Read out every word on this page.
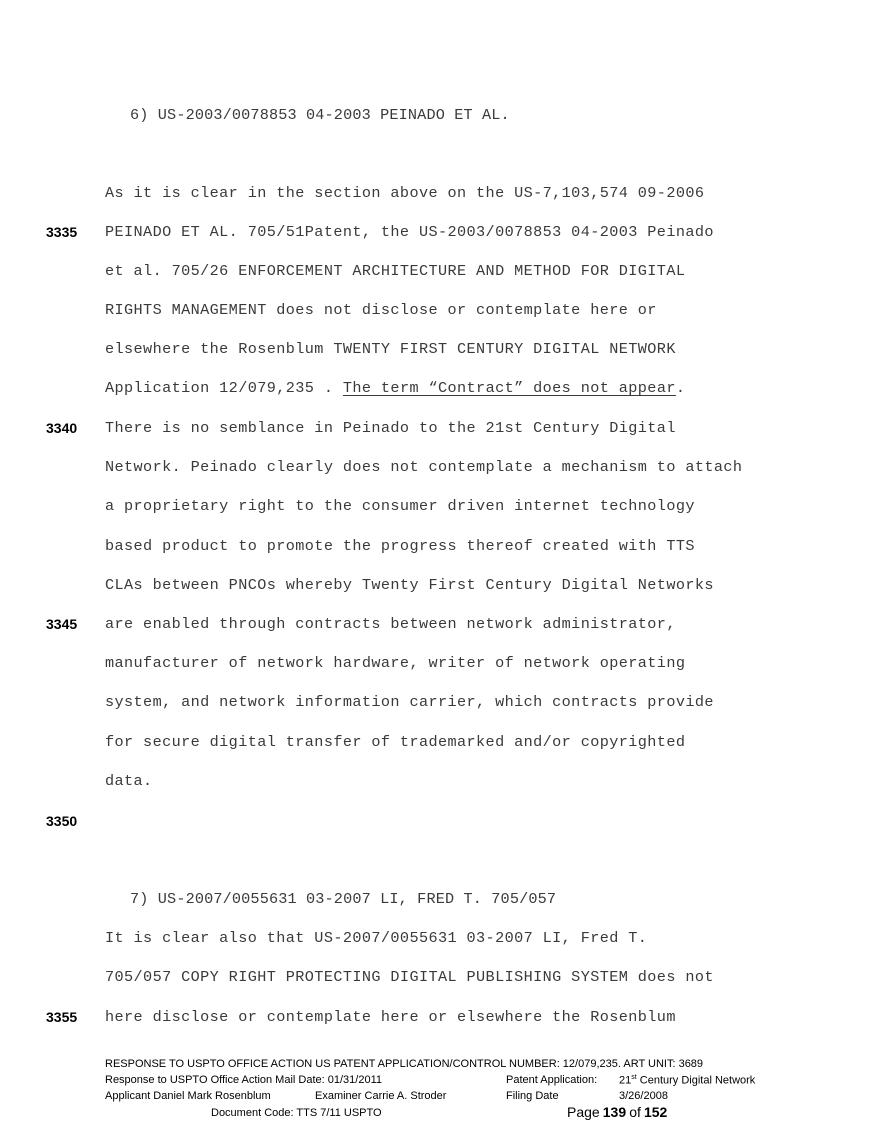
6) US-2003/0078853 04-2003 PEINADO ET AL.
As it is clear in the section above on the US-7,103,574 09-2006
PEINADO ET AL. 705/51Patent, the US-2003/0078853 04-2003 Peinado
et al. 705/26 ENFORCEMENT ARCHITECTURE AND METHOD FOR DIGITAL
RIGHTS MANAGEMENT does not disclose or contemplate here or
elsewhere the Rosenblum TWENTY FIRST CENTURY DIGITAL NETWORK
Application 12/079,235 . The term “Contract” does not appear.
There is no semblance in Peinado to the 21st Century Digital
Network. Peinado clearly does not contemplate a mechanism to attach
a proprietary right to the consumer driven internet technology
based product to promote the progress thereof created with TTS
CLAs between PNCOs whereby Twenty First Century Digital Networks
are enabled through contracts between network administrator,
manufacturer of network hardware, writer of network operating
system, and network information carrier, which contracts provide
for secure digital transfer of trademarked and/or copyrighted
data.
7) US-2007/0055631 03-2007 LI, FRED T. 705/057
It is clear also that US-2007/0055631 03-2007 LI, Fred T.
705/057 COPY RIGHT PROTECTING DIGITAL PUBLISHING SYSTEM does not
here disclose or contemplate here or elsewhere the Rosenblum
3335
3340
3345
3350
3355
RESPONSE TO USPTO OFFICE ACTION US PATENT APPLICATION/CONTROL NUMBER: 12/079,235. ART UNIT: 3689
Response to USPTO Office Action Mail Date: 01/31/2011	Patent Application: 21st Century Digital Network
Applicant Daniel Mark Rosenblum	Examiner Carrie A. Stroder	Filing Date	3/26/2008
Document Code: TTS 7/11 USPTO	Page 139 of 152
